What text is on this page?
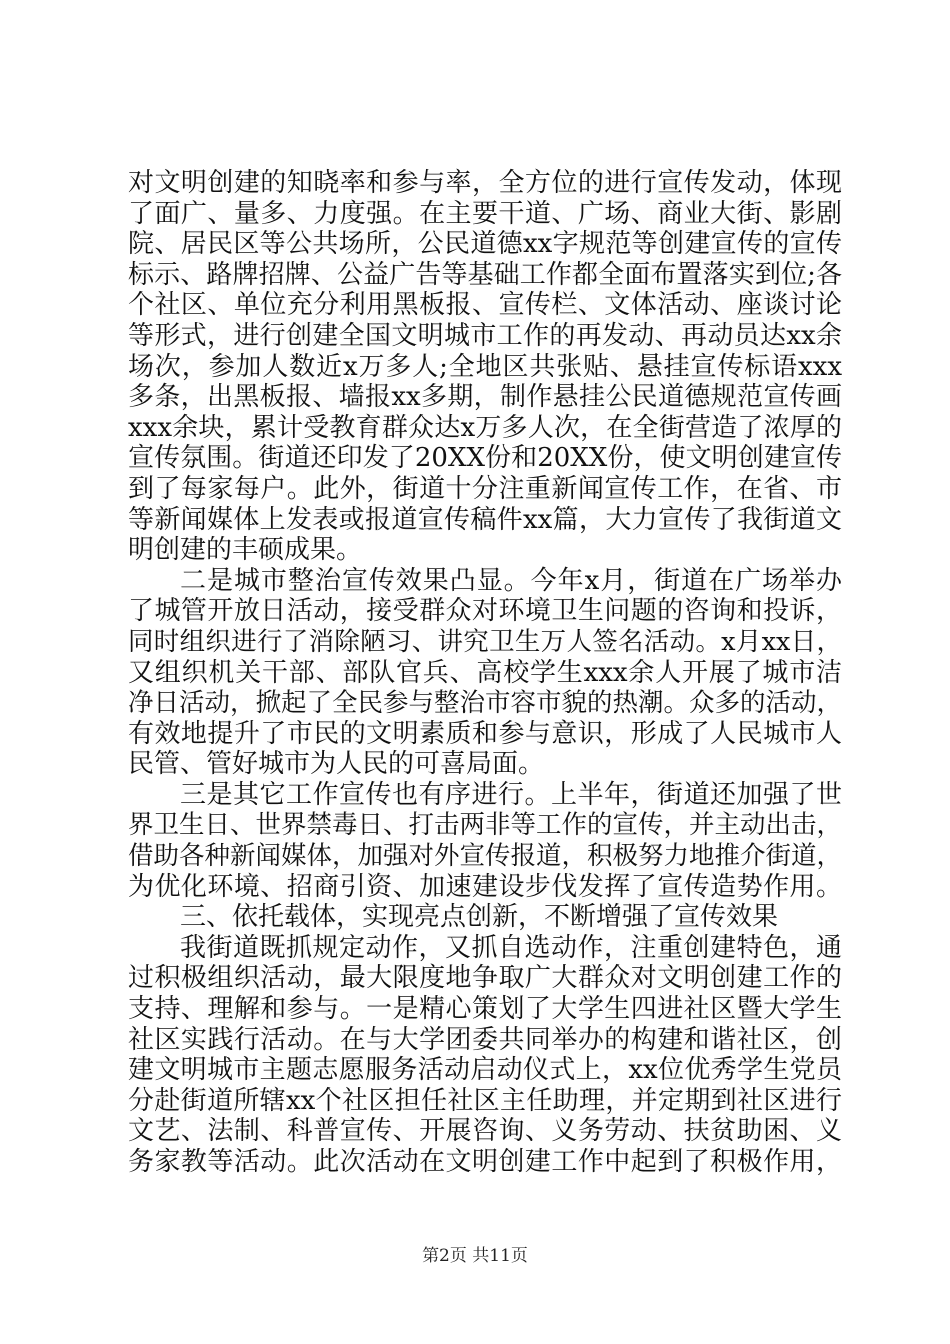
对文明创建的知晓率和参与率，全方位的进行宣传发动，体现
了面广、量多、力度强。在主要干道、广场、商业大街、影剧
院、居民区等公共场所，公民道德xx字规范等创建宣传的宣传
标示、路牌招牌、公益广告等基础工作都全面布置落实到位;各
个社区、单位充分利用黑板报、宣传栏、文体活动、座谈讨论
等形式，进行创建全国文明城市工作的再发动、再动员达xx余
场次，参加人数近x万多人;全地区共张贴、悬挂宣传标语xxx
多条，出黑板报、墙报xx多期，制作悬挂公民道德规范宣传画
xxx余块，累计受教育群众达x万多人次，在全街营造了浓厚的
宣传氛围。街道还印发了20XX份和20XX份，使文明创建宣传
到了每家每户。此外，街道十分注重新闻宣传工作，在省、市
等新闻媒体上发表或报道宣传稿件xx篇，大力宣传了我街道文
明创建的丰硕成果。
二是城市整治宣传效果凸显。今年x月，街道在广场举办
了城管开放日活动，接受群众对环境卫生问题的咨询和投诉，
同时组织进行了消除陋习、讲究卫生万人签名活动。x月xx日，
又组织机关干部、部队官兵、高校学生xxx余人开展了城市洁
净日活动，掀起了全民参与整治市容市貌的热潮。众多的活动，
有效地提升了市民的文明素质和参与意识，形成了人民城市人
民管、管好城市为人民的可喜局面。
三是其它工作宣传也有序进行。上半年，街道还加强了世
界卫生日、世界禁毒日、打击两非等工作的宣传，并主动出击，
借助各种新闻媒体，加强对外宣传报道，积极努力地推介街道，
为优化环境、招商引资、加速建设步伐发挥了宣传造势作用。
三、依托载体，实现亮点创新，不断增强了宣传效果
我街道既抓规定动作，又抓自选动作，注重创建特色，通
过积极组织活动，最大限度地争取广大群众对文明创建工作的
支持、理解和参与。一是精心策划了大学生四进社区暨大学生
社区实践行活动。在与大学团委共同举办的构建和谐社区，创
建文明城市主题志愿服务活动启动仪式上，xx位优秀学生党员
分赴街道所辖xx个社区担任社区主任助理，并定期到社区进行
文艺、法制、科普宣传、开展咨询、义务劳动、扶贫助困、义
务家教等活动。此次活动在文明创建工作中起到了积极作用，
第2页 共11页
